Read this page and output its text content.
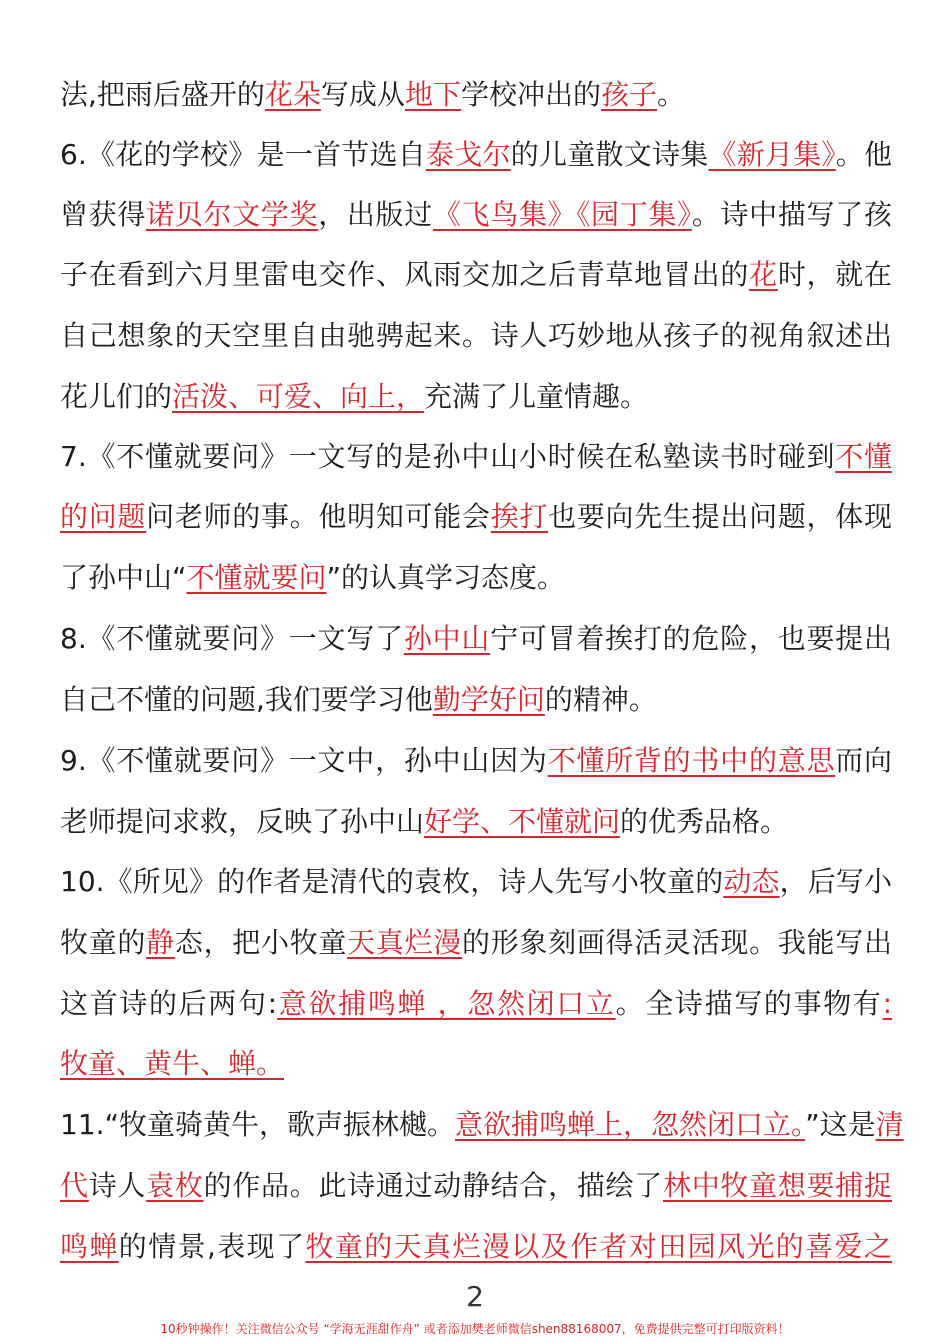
法,把雨后盛开的花朵写成从地下学校冲出的孩子。
6.《花的学校》是一首节选自泰戈尔的儿童散文诗集《新月集》。他
曾获得诺贝尔文学奖，出版过《飞鸟集》《园丁集》。诗中描写了孩
子在看到六月里雷电交作、风雨交加之后青草地冒出的花时，就在
自己想象的天空里自由驰骋起来。诗人巧妙地从孩子的视角叙述出
花儿们的活泼、可爱、向上，充满了儿童情趣。
7.《不懂就要问》一文写的是孙中山小时候在私塾读书时碰到不懂
的问题问老师的事。他明知可能会挨打也要向先生提出问题，体现
了孙中山“不懂就要问”的认真学习态度。
8.《不懂就要问》一文写了孙中山宁可冒着挨打的危险，也要提出
自己不懂的问题,我们要学习他勤学好问的精神。
9.《不懂就要问》一文中，孙中山因为不懂所背的书中的意思而向
老师提问求救，反映了孙中山好学、不懂就问的优秀品格。
10.《所见》的作者是清代的袁枚，诗人先写小牧童的动态，后写小
牧童的静态，把小牧童天真烂漫的形象刻画得活灵活现。我能写出
这首诗的后两句:意欲捕鸣蝉 ，忽然闭口立。全诗描写的事物有:
牧童、黄牛、蝉。
11.“牧童骑黄牛，歌声振林樾。意欲捕鸣蝉上，忽然闭口立。”这是清
代诗人袁枚的作品。此诗通过动静结合，描绘了林中牧童想要捕捉
鸣蝉的情景,表现了牧童的天真烂漫以及作者对田园风光的喜爱之
2
10秒钟操作！关注微信公众号 “学海无涯甜作舟” 或者添加樊老师微信shen88168007，免费提供完整可打印版资料！
